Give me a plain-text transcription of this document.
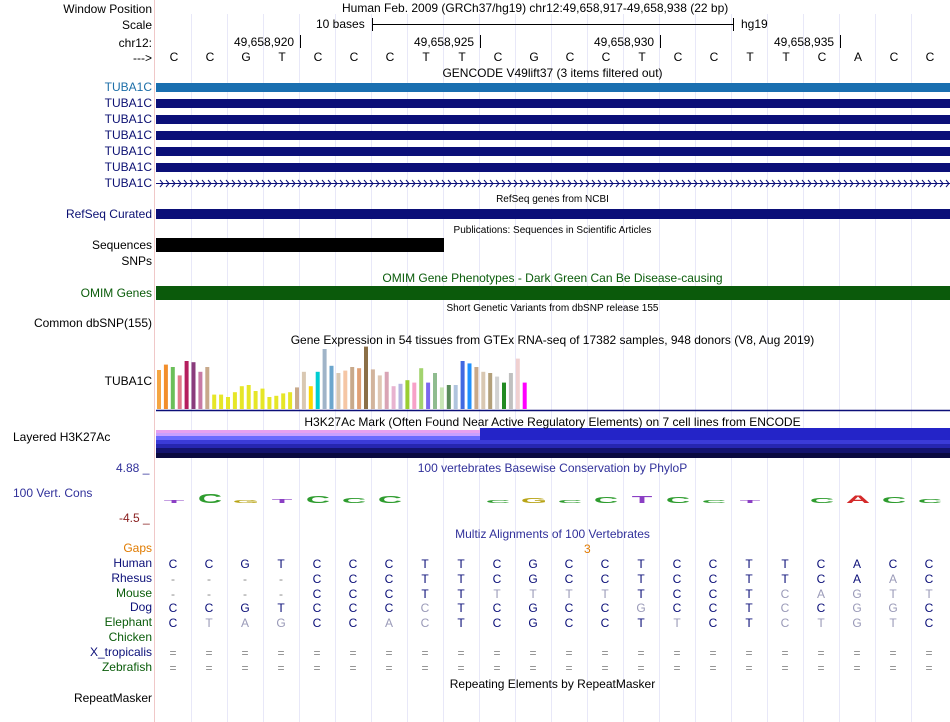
T C G T C C C	C G C C T C C T	C A C C
Window Position	Human Feb. 2009 (GRCh37/hg19) chr12:49,658,917-49,658,938 (22 bp)
Scale	10 bases	hg19
chr12:	49,658,920	49,658,925	49,658,930	49,658,935
---> C C G T C C C T T C G C C T C C T T C A C C
GENCODE V49lift37 (3 items filtered out)
TUBA1C
TUBA1C
TUBA1C
TUBA1C
TUBA1C
TUBA1C
TUBA1C
RefSeq genes from NCBI
RefSeq Curated
Publications: Sequences in Scientific Articles
Sequences
SNPs
OMIM Gene Phenotypes - Dark Green Can Be Disease-causing
OMIM Genes
Short Genetic Variants from dbSNP release 155
Common dbSNP(155)
Gene Expression in 54 tissues from GTEx RNA-seq of 17382 samples, 948 donors (V8, Aug 2019)
TUBA1C
H3K27Ac Mark (Often Found Near Active Regulatory Elements) on 7 cell lines from ENCODE
Layered H3K27Ac
4.88 _	100 vertebrates Basewise Conservation by PhyloP
100 Vert. Cons
-4.5 _
Multiz Alignments of 100 Vertebrates
Gaps	3
Human C C G T C C C T T C G C C T C C T T C A C C
Rhesus -	-	-	- C C C T T C G C C T C C T T C A A C
Mouse -	-	-	- C C C T T T T T T T C C T C A G T T
Dog C C G T C C C C T C G C C G C C T C C G G C
Elephant C T A G C C A C T C G C C T T C T C T G T C
Chicken
X_tropicalis = = = = = = = = = = = = = = = = = = = = = =
Zebrafish = = = = = = = = = = = = = = = = = = = = = =
Repeating Elements by RepeatMasker
RepeatMasker
